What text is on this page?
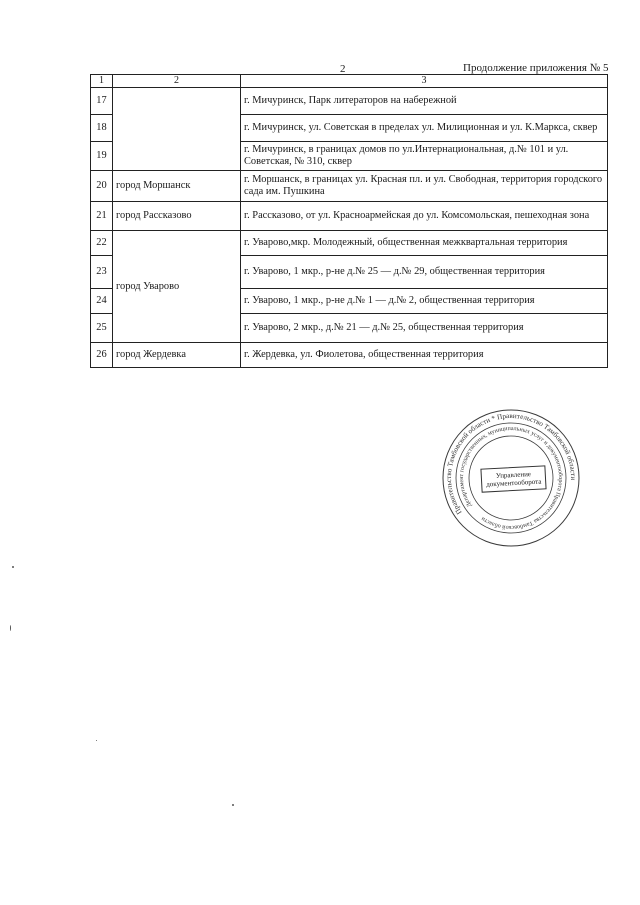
2	Продолжение приложения № 5
1	2	3
17		г. Мичуринск, Парк литераторов на набережной
18		г. Мичуринск, ул. Советская в пределах ул. Милиционная и ул. К.Маркса, сквер
19		г. Мичуринск, в границах домов по ул.Интернациональная, д.№ 101 и ул. Советская, № 310, сквер
20	город Моршанск	г. Моршанск, в границах ул. Красная пл. и ул. Свободная, территория городского сада им. Пушкина
21	город Рассказово	г. Рассказово, от ул. Красноармейская до ул. Комсомольская, пешеходная зона
22	город Уварово	г. Уварово,мкр. Молодежный, общественная межквартальная территория
23		г. Уварово, 1 мкр., р-не д.№ 25 — д.№ 29, общественная территория
24		г. Уварово, 1 мкр., р-не д.№ 1 — д.№ 2, общественная территория
25		г. Уварово, 2 мкр., д.№ 21 — д.№ 25, общественная территория
26	город Жердевка	г. Жердевка, ул. Фиолетова, общественная территория
Правительство Тамбовской области * Правительство Тамбовской области
Департамент государственных, муниципальных услуг и документооборота Правительства Тамбовской области
Управление
документооборота
